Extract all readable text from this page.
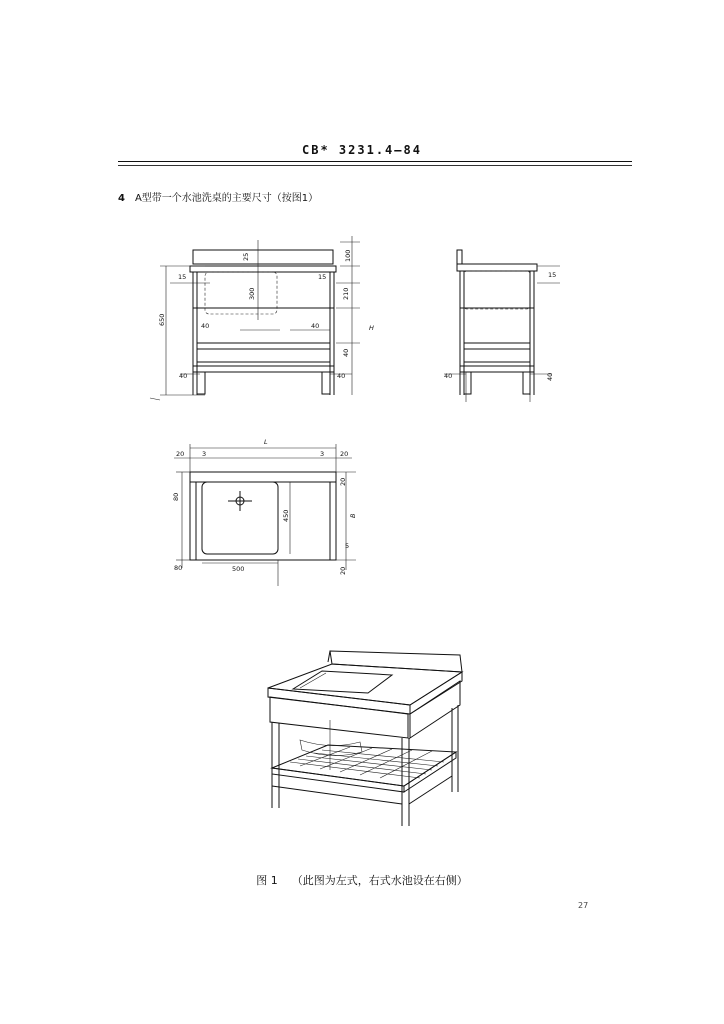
CB* 3231.4—84
4 A型带一个水池洗桌的主要尺寸（按图1）
25	100
15	15
300	210
650	40	40	H
40
40	40
15
40	40
L
20	3	3 20
80
20
450	B
5
80	500	20
图 1 （此图为左式，右式水池设在右侧）
27
